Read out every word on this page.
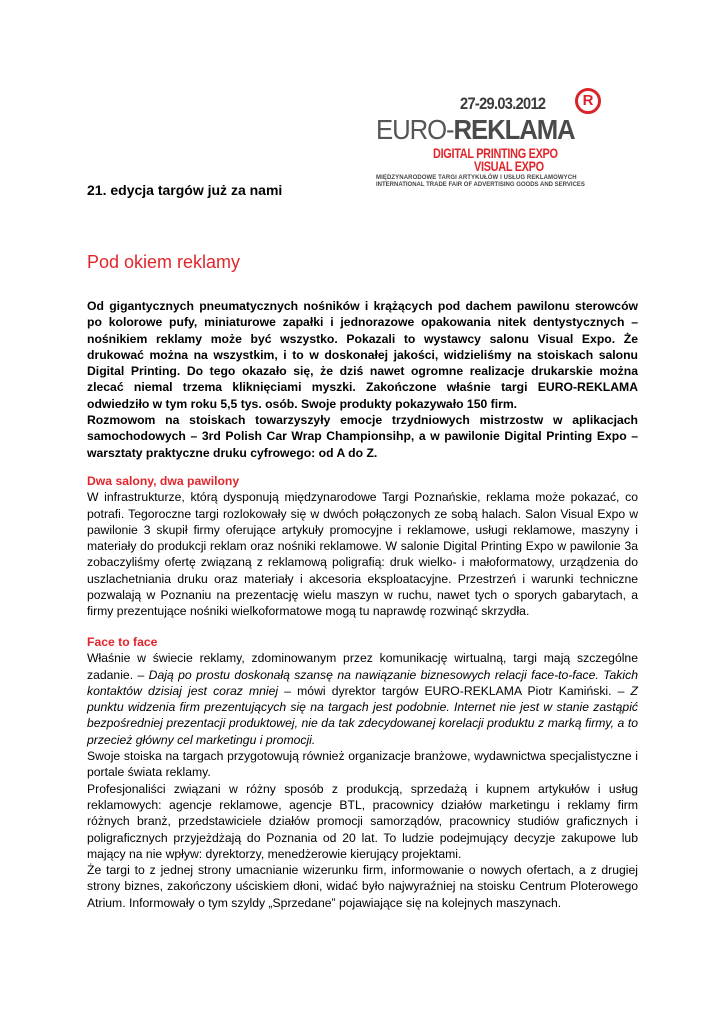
27-29.03.2012	R
EURO-REKLAMA
DIGITAL PRINTING EXPO
VISUAL EXPO
MIĘDZYNARODOWE TARGI ARTYKUŁÓW I USŁUG REKLAMOWYCH
INTERNATIONAL TRADE FAIR OF ADVERTISING GOODS AND SERVICES
21. edycja targów już za nami
Pod okiem reklamy

Od gigantycznych pneumatycznych nośników i krążących pod dachem pawilonu sterowców po kolorowe pufy, miniaturowe zapałki i jednorazowe opakowania nitek dentystycznych – nośnikiem reklamy może być wszystko. Pokazali to wystawcy salonu Visual Expo. Że drukować można na wszystkim, i to w doskonałej jakości, widzieliśmy na stoiskach salonu Digital Printing. Do tego okazało się, że dziś nawet ogromne realizacje drukarskie można zlecać niemal trzema kliknięciami myszki. Zakończone właśnie targi EURO-REKLAMA odwiedziło w tym roku 5,5 tys. osób. Swoje produkty pokazywało 150 firm.

Rozmowom na stoiskach towarzyszyły emocje trzydniowych mistrzostw w aplikacjach samochodowych – 3rd Polish Car Wrap Championsihp, a w pawilonie Digital Printing Expo – warsztaty praktyczne druku cyfrowego: od A do Z.

Dwa salony, dwa pawilony

W infrastrukturze, którą dysponują międzynarodowe Targi Poznańskie, reklama może pokazać, co potrafi. Tegoroczne targi rozlokowały się w dwóch połączonych ze sobą halach. Salon Visual Expo w pawilonie 3 skupił firmy oferujące artykuły promocyjne i reklamowe, usługi reklamowe, maszyny i materiały do produkcji reklam oraz nośniki reklamowe. W salonie Digital Printing Expo w pawilonie 3a zobaczyliśmy ofertę związaną z reklamową poligrafią: druk wielko- i małoformatowy, urządzenia do uszlachetniania druku oraz materiały i akcesoria eksploatacyjne. Przestrzeń i warunki techniczne pozwalają w Poznaniu na prezentację wielu maszyn w ruchu, nawet tych o sporych gabarytach, a firmy prezentujące nośniki wielkoformatowe mogą tu naprawdę rozwinąć skrzydła.

Face to face

Właśnie w świecie reklamy, zdominowanym przez komunikację wirtualną, targi mają szczególne zadanie. – Dają po prostu doskonałą szansę na nawiązanie biznesowych relacji face-to-face. Takich kontaktów dzisiaj jest coraz mniej – mówi dyrektor targów EURO-REKLAMA Piotr Kamiński. – Z punktu widzenia firm prezentujących się na targach jest podobnie. Internet nie jest w stanie zastąpić bezpośredniej prezentacji produktowej, nie da tak zdecydowanej korelacji produktu z marką firmy, a to przecież główny cel marketingu i promocji.

Swoje stoiska na targach przygotowują również organizacje branżowe, wydawnictwa specjalistyczne i portale świata reklamy.

Profesjonaliści związani w różny sposób z produkcją, sprzedażą i kupnem artykułów i usług reklamowych: agencje reklamowe, agencje BTL, pracownicy działów marketingu i reklamy firm różnych branż, przedstawiciele działów promocji samorządów, pracownicy studiów graficznych i poligraficznych przyjeżdżają do Poznania od 20 lat. To ludzie podejmujący decyzje zakupowe lub mający na nie wpływ: dyrektorzy, menedżerowie kierujący projektami.

Że targi to z jednej strony umacnianie wizerunku firm, informowanie o nowych ofertach, a z drugiej strony biznes, zakończony uściskiem dłoni, widać było najwyraźniej na stoisku Centrum Ploterowego Atrium. Informowały o tym szyldy „Sprzedane” pojawiające się na kolejnych maszynach.
